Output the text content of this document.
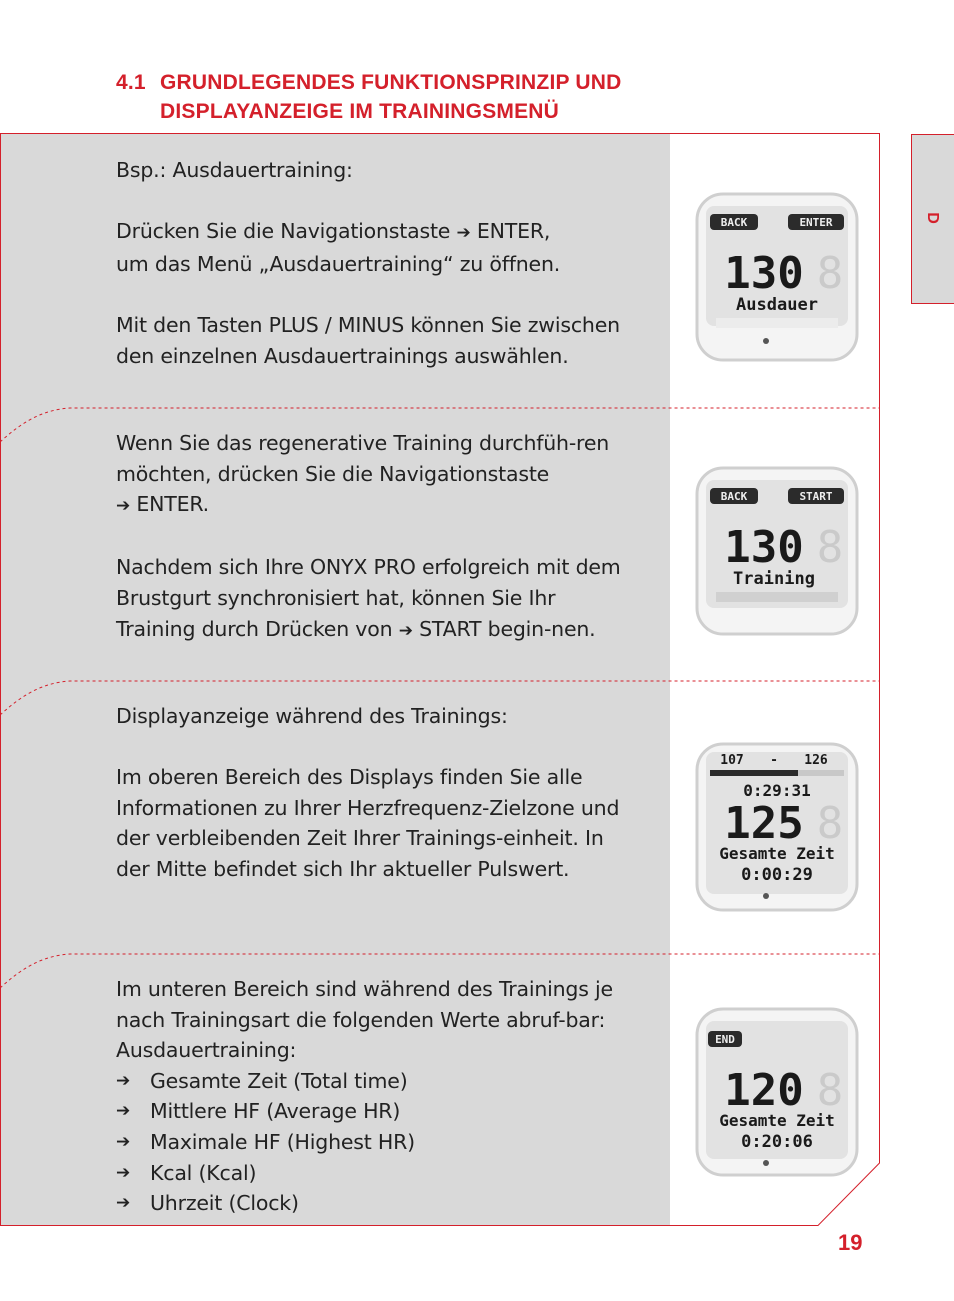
4.1 GRUNDLEGENDES FUNKTIONSPRINZIP UND
DISPLAYANZEIGE IM TRAININGSMENÜ

Bsp.: Ausdauertraining:

Drücken Sie die Navigationstaste ➔ ENTER,
um das Menü „Ausdauertraining“ zu öffnen.

Mit den Tasten PLUS / MINUS können Sie zwischen den einzelnen Ausdauertrainings auswählen.

Wenn Sie das regenerative Training durchfüh-ren möchten, drücken Sie die Navigationstaste
➔ ENTER.

Nachdem sich Ihre ONYX PRO erfolgreich mit dem Brustgurt synchronisiert hat, können Sie Ihr Training durch Drücken von ➔ START begin-nen.

Displayanzeige während des Trainings:

Im oberen Bereich des Displays finden Sie alle Informationen zu Ihrer Herzfrequenz-Zielzone und der verbleibenden Zeit Ihrer Trainings-einheit. In der Mitte befindet sich Ihr aktueller Pulswert.

Im unteren Bereich sind während des Trainings je nach Trainingsart die folgenden Werte abruf-bar: Ausdauertraining:

➔ Gesamte Zeit (Total time)
➔ Mittlere HF (Average HR)
➔ Maximale HF (Highest HR)
➔ Kcal (Kcal)
➔ Uhrzeit (Clock)
BACK	ENTER
130 8
Ausdauer
BACK	START
130 8
Training
107 - 126
0:29:31
125 8
Gesamte Zeit
0:00:29
END
120 8
Gesamte Zeit
0:20:06
D
19
